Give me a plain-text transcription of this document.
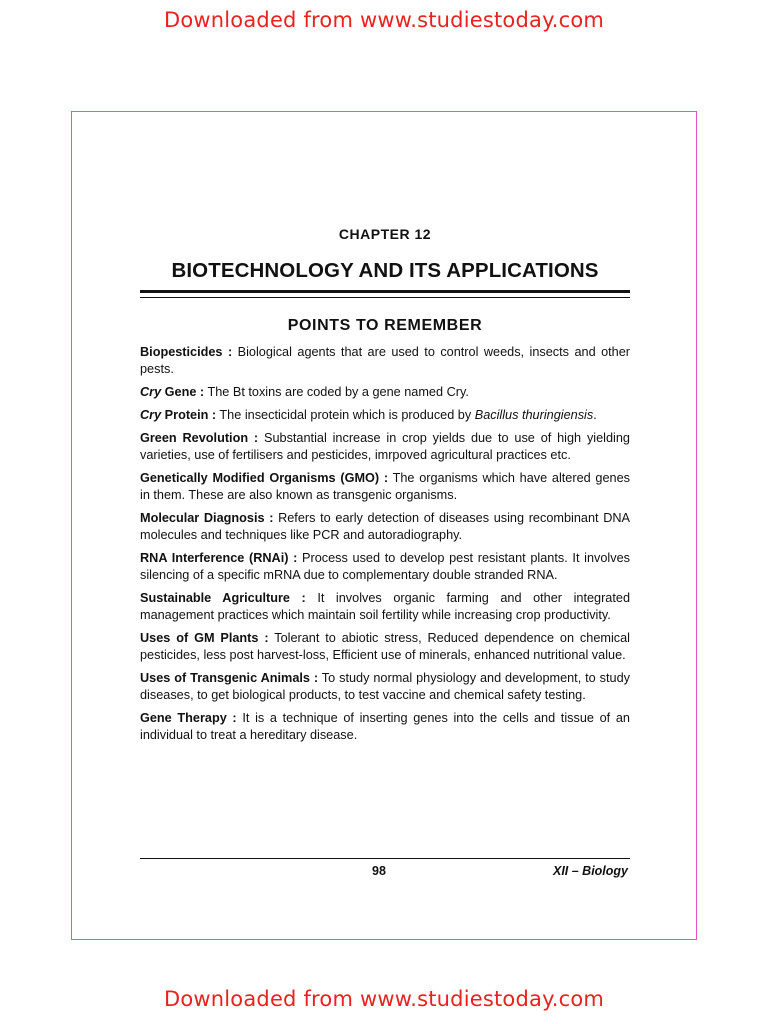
Downloaded from www.studiestoday.com
CHAPTER 12
BIOTECHNOLOGY AND ITS APPLICATIONS
POINTS TO REMEMBER

Biopesticides : Biological agents that are used to control weeds, insects and other pests.

Cry Gene : The Bt toxins are coded by a gene named Cry.

Cry Protein : The insecticidal protein which is produced by Bacillus thuringiensis.

Green Revolution : Substantial increase in crop yields due to use of high yielding varieties, use of fertilisers and pesticides, imrpoved agricultural practices etc.

Genetically Modified Organisms (GMO) : The organisms which have altered genes in them. These are also known as transgenic organisms.

Molecular Diagnosis : Refers to early detection of diseases using recombinant DNA molecules and techniques like PCR and autoradiography.

RNA Interference (RNAi) : Process used to develop pest resistant plants. It involves silencing of a specific mRNA due to complementary double stranded RNA.

Sustainable Agriculture : It involves organic farming and other integrated management practices which maintain soil fertility while increasing crop productivity.

Uses of GM Plants : Tolerant to abiotic stress, Reduced dependence on chemical pesticides, less post harvest-loss, Efficient use of minerals, enhanced nutritional value.

Uses of Transgenic Animals : To study normal physiology and development, to study diseases, to get biological products, to test vaccine and chemical safety testing.

Gene Therapy : It is a technique of inserting genes into the cells and tissue of an individual to treat a hereditary disease.

98	XII – Biology
Downloaded from www.studiestoday.com
